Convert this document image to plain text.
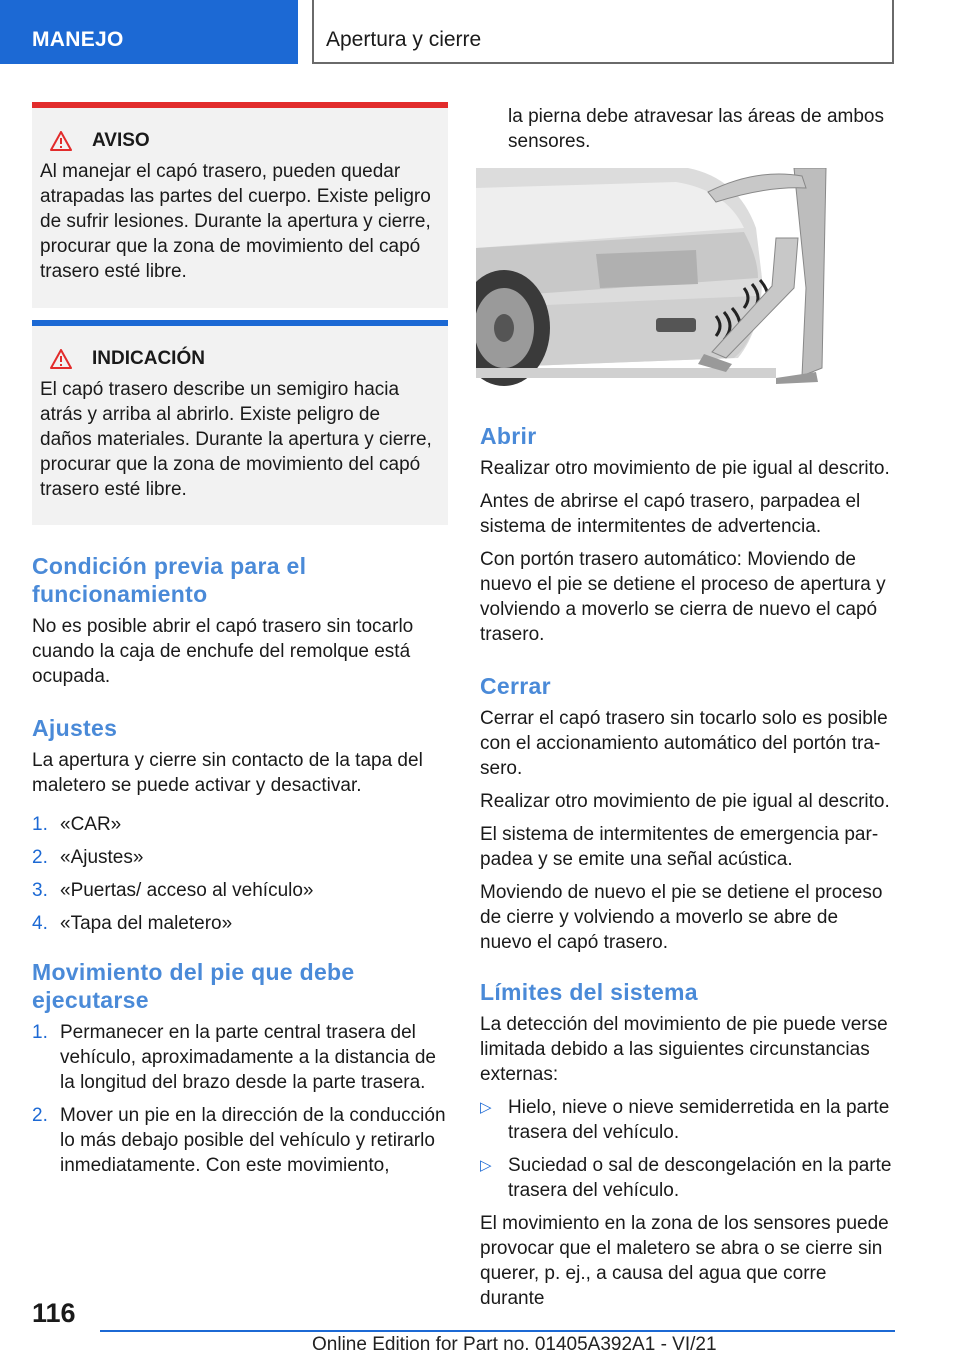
MANEJO	Apertura y cierre
AVISO
Al manejar el capó trasero, pueden quedar atrapadas las partes del cuerpo. Existe peligro de sufrir lesiones. Durante la apertura y cierre, procurar que la zona de movimiento del capó trasero esté libre.
INDICACIÓN
El capó trasero describe un semigiro hacia atrás y arriba al abrirlo. Existe peligro de daños materiales. Durante la apertura y cierre, procurar que la zona de movimiento del capó trasero esté libre.
Condición previa para el funcionamiento

No es posible abrir el capó trasero sin tocarlo cuando la caja de enchufe del remolque está ocupada.

Ajustes

La apertura y cierre sin contacto de la tapa del maletero se puede activar y desactivar.

1. «CAR»
2. «Ajustes»
3. «Puertas/ acceso al vehículo»
4. «Tapa del maletero»
Movimiento del pie que debe ejecutarse
1. Permanecer en la parte central trasera del vehículo, aproximadamente a la distancia de la longitud del brazo desde la parte trasera.
2. Mover un pie en la dirección de la conducción lo más debajo posible del vehículo y retirarlo inmediatamente. Con este movimiento,
la pierna debe atravesar las áreas de ambos sensores.
Abrir

Realizar otro movimiento de pie igual al descrito.

Antes de abrirse el capó trasero, parpadea el sistema de intermitentes de advertencia.

Con portón trasero automático: Moviendo de nuevo el pie se detiene el proceso de apertura y volviendo a moverlo se cierra de nuevo el capó trasero.

Cerrar

Cerrar el capó trasero sin tocarlo solo es posible con el accionamiento automático del portón trasero.

Realizar otro movimiento de pie igual al descrito.

El sistema de intermitentes de emergencia parpadea y se emite una señal acústica.

Moviendo de nuevo el pie se detiene el proceso de cierre y volviendo a moverlo se abre de nuevo el capó trasero.

Límites del sistema

La detección del movimiento de pie puede verse limitada debido a las siguientes circunstancias externas:

▷ Hielo, nieve o nieve semiderretida en la parte trasera del vehículo.
▷ Suciedad o sal de descongelación en la parte trasera del vehículo.

El movimiento en la zona de los sensores puede provocar que el maletero se abra o se cierre sin querer, p. ej., a causa del agua que corre durante

116
Online Edition for Part no. 01405A392A1 - VI/21
